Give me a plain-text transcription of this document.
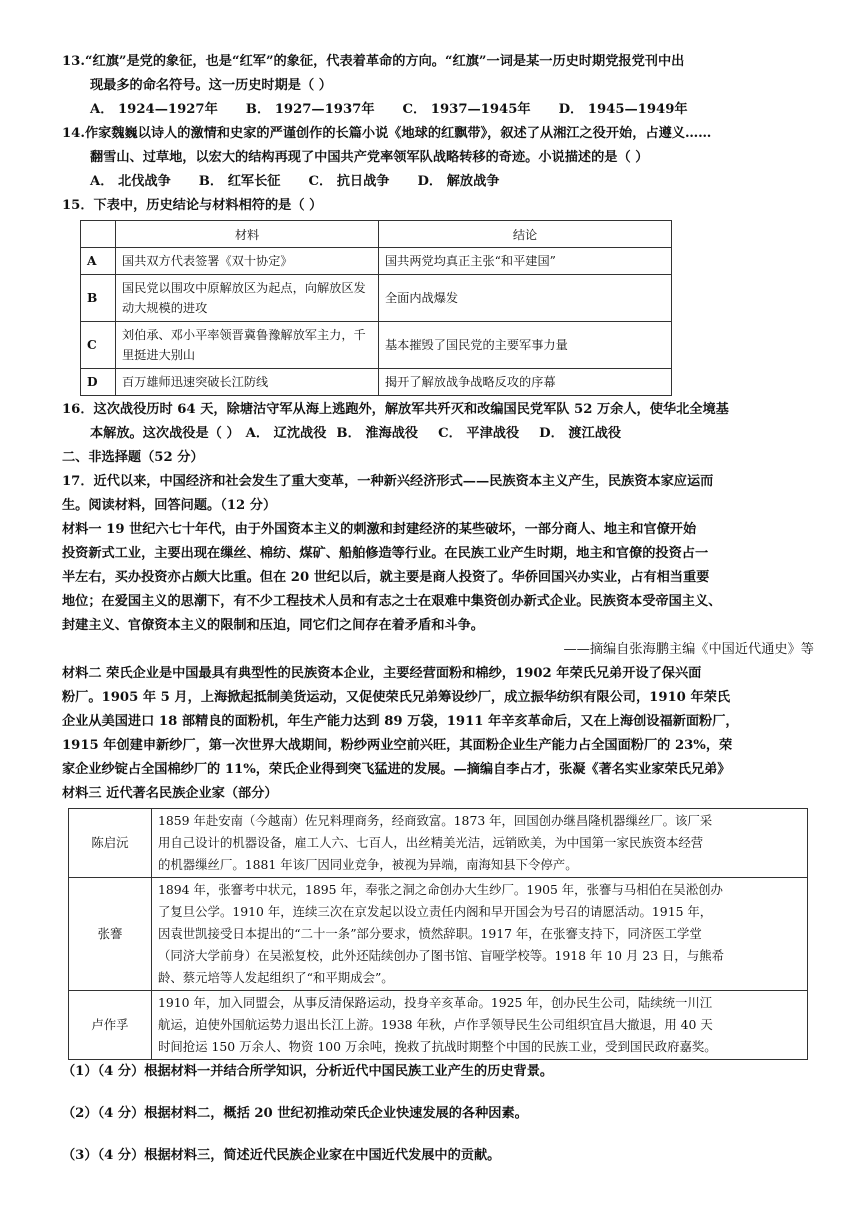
13.“红旗”是党的象征，也是“红军”的象征，代表着革命的方向。“红旗”一词是某一历史时期党报党刊中出

现最多的命名符号。这一历史时期是（ ）

A． 1924—1927年 B． 1927—1937年 C． 1937—1945年 D． 1945—1949年

14.作家魏巍以诗人的激情和史家的严谨创作的长篇小说《地球的红飘带》，叙述了从湘江之役开始，占遵义……

翻雪山、过草地，以宏大的结构再现了中国共产党率领军队战略转移的奇迹。小说描述的是（ ）

A． 北伐战争 B． 红军长征 C． 抗日战争 D． 解放战争

15．下表中，历史结论与材料相符的是（ ）

	材料	结论
A	国共双方代表签署《双十协定》	国共两党均真正主张“和平建国”
B	国民党以围攻中原解放区为起点，向解放区发动大规模的进攻	全面内战爆发
C	刘伯承、邓小平率领晋冀鲁豫解放军主力，千里挺进大别山	基本摧毁了国民党的主要军事力量
D	百万雄师迅速突破长江防线	揭开了解放战争战略反攻的序幕

16．这次战役历时 64 天，除塘沽守军从海上逃跑外，解放军共歼灭和改编国民党军队 52 万余人，使华北全境基

本解放。这次战役是（ ） A． 辽沈战役 B． 淮海战役 C． 平津战役 D． 渡江战役

二、非选择题（52 分）

17．近代以来，中国经济和社会发生了重大变革，一种新兴经济形式——民族资本主义产生，民族资本家应运而

生。阅读材料，回答问题。（12 分）

材料一 19 世纪六七十年代，由于外国资本主义的刺激和封建经济的某些破坏，一部分商人、地主和官僚开始

投资新式工业，主要出现在缫丝、棉纺、煤矿、船舶修造等行业。在民族工业产生时期，地主和官僚的投资占一

半左右，买办投资亦占颇大比重。但在 20 世纪以后，就主要是商人投资了。华侨回国兴办实业，占有相当重要

地位；在爱国主义的思潮下，有不少工程技术人员和有志之士在艰难中集资创办新式企业。民族资本受帝国主义、

封建主义、官僚资本主义的限制和压迫，同它们之间存在着矛盾和斗争。

——摘编自张海鹏主编《中国近代通史》等

材料二 荣氏企业是中国最具有典型性的民族资本企业，主要经营面粉和棉纱，1902 年荣氏兄弟开设了保兴面

粉厂。1905 年 5 月，上海掀起抵制美货运动，又促使荣氏兄弟筹设纱厂，成立振华纺织有限公司，1910 年荣氏

企业从美国进口 18 部精良的面粉机，年生产能力达到 89 万袋，1911 年辛亥革命后，又在上海创设福新面粉厂，

1915 年创建申新纱厂，第一次世界大战期间，粉纱两业空前兴旺，其面粉企业生产能力占全国面粉厂的 23%，荣

家企业纱锭占全国棉纱厂的 11%，荣氏企业得到突飞猛进的发展。—摘编自李占才，张凝《著名实业家荣氏兄弟》

材料三 近代著名民族企业家（部分）

陈启沅	1859 年赴安南（今越南）佐兄料理商务，经商致富。1873 年，回国创办继昌隆机器缫丝厂。该厂采
用自己设计的机器设备，雇工人六、七百人，出丝精美光洁，远销欧美，为中国第一家民族资本经营
的机器缫丝厂。1881 年该厂因同业竞争，被视为异端，南海知县下令停产。

张謇	1894 年，张謇考中状元，1895 年，奉张之洞之命创办大生纱厂。1905 年，张謇与马相伯在吴淞创办
了复旦公学。1910 年，连续三次在京发起以设立责任内阁和早开国会为号召的请愿活动。1915 年，
因袁世凯接受日本提出的“二十一条”部分要求，愤然辞职。1917 年，在张謇支持下，同济医工学堂
（同济大学前身）在吴淞复校，此外还陆续创办了图书馆、盲哑学校等。1918 年 10 月 23 日，与熊希
龄、蔡元培等人发起组织了“和平期成会”。

卢作孚	1910 年，加入同盟会，从事反清保路运动，投身辛亥革命。1925 年，创办民生公司，陆续统一川江
航运，迫使外国航运势力退出长江上游。1938 年秋，卢作孚领导民生公司组织宜昌大撤退，用 40 天
时间抢运 150 万余人、物资 100 万余吨，挽救了抗战时期整个中国的民族工业，受到国民政府嘉奖。

（1）（4 分）根据材料一并结合所学知识，分析近代中国民族工业产生的历史背景。

（2）（4 分）根据材料二，概括 20 世纪初推动荣氏企业快速发展的各种因素。

（3）（4 分）根据材料三，简述近代民族企业家在中国近代发展中的贡献。
